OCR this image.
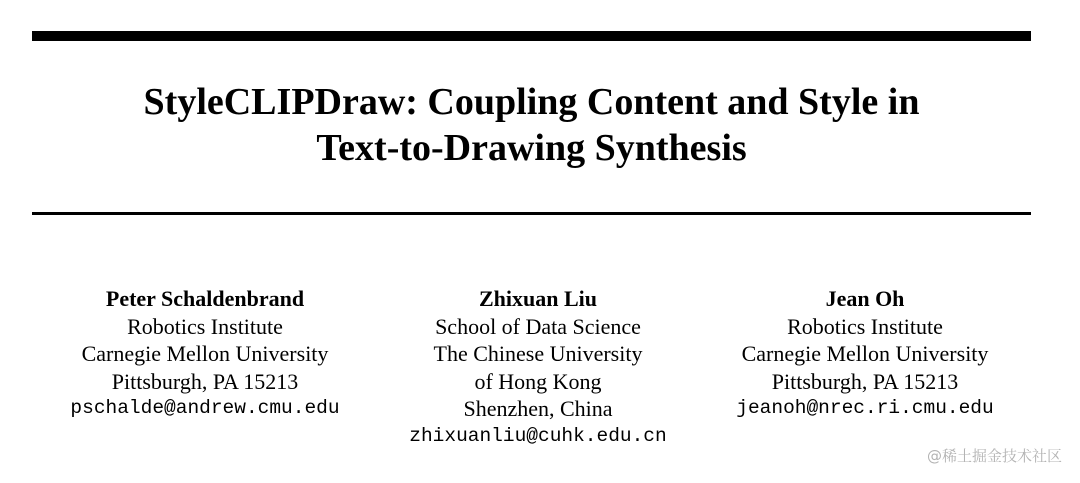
StyleCLIPDraw: Coupling Content and Style in
Text-to-Drawing Synthesis
Peter Schaldenbrand
Robotics Institute
Carnegie Mellon University
Pittsburgh, PA 15213
pschalde@andrew.cmu.edu
Zhixuan Liu
School of Data Science
The Chinese University
of Hong Kong
Shenzhen, China
zhixuanliu@cuhk.edu.cn
Jean Oh
Robotics Institute
Carnegie Mellon University
Pittsburgh, PA 15213
jeanoh@nrec.ri.cmu.edu
@稀土掘金技术社区
